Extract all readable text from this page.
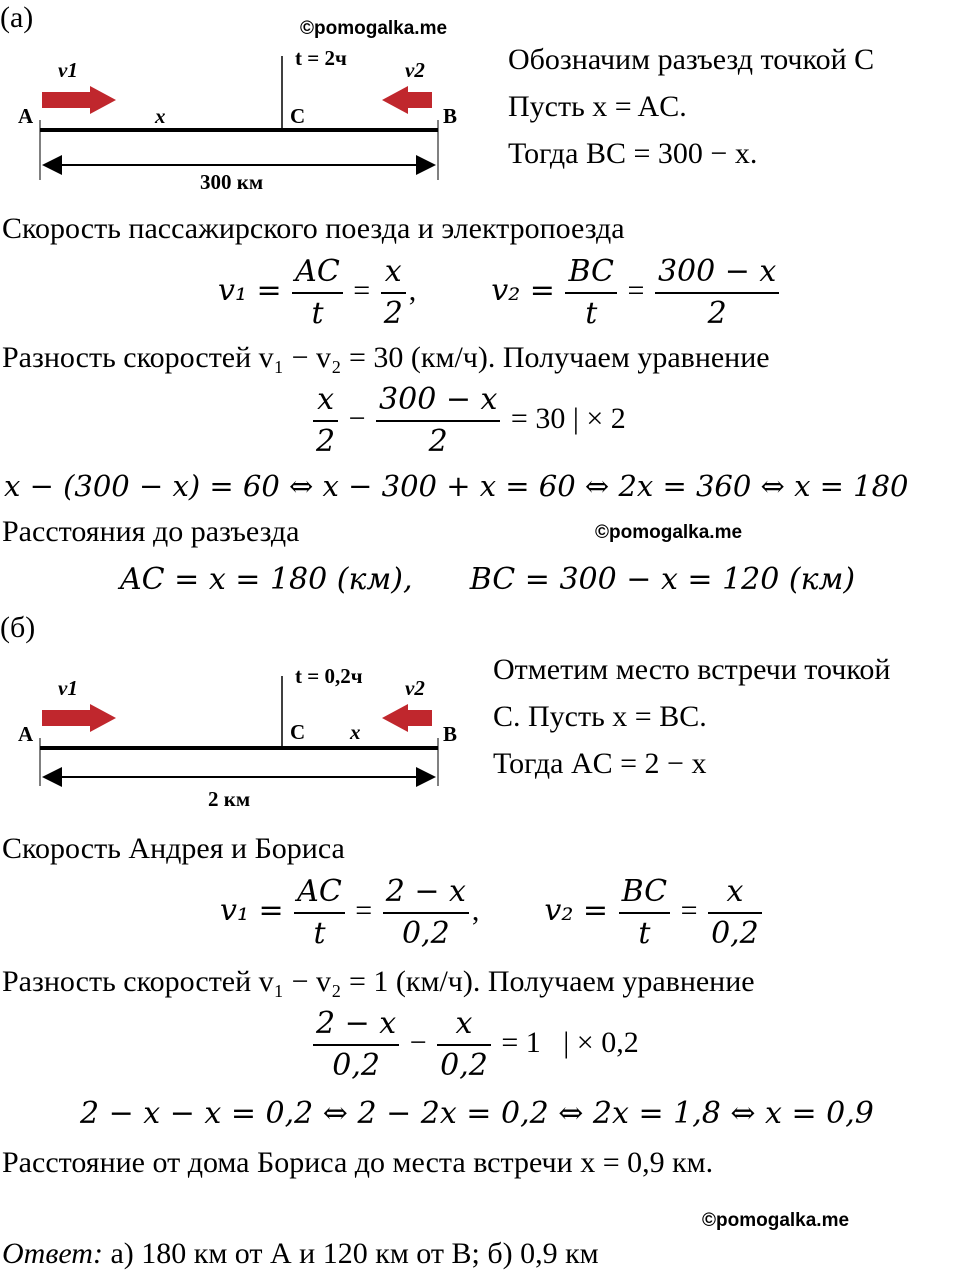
(а)	©pomogalka.me
v1	v2
t = 2ч
A	x	C	B
300 км
Обозначим разъезд точкой C
Пусть x = AC.
Тогда BC = 300 − x.
Скорость пассажирского поезда и электропоезда
$v_1 = \frac{AC}{t} = \frac{x}{2}$ ,	$v_2 = \frac{BC}{t} = \frac{300 - x}{2}$
Разность скоростей v₁ − v₂ = 30 (км/ч). Получаем уравнение
$\frac{x}{2} - \frac{300 - x}{2} = 30$ | × 2
x − (300 − x) = 60 ⇔ x − 300 + x = 60 ⇔ 2x = 360 ⇔ x = 180
Расстояния до разъезда	©pomogalka.me
AC = x = 180 (км),      BC = 300 − x = 120 (км)
(б)
v1	v2
t = 0,2ч
A	C x	B
2 км
Отметим место встречи точкой
C. Пусть x = BC.
Тогда AC = 2 − x
Скорость Андрея и Бориса
$v_1 = \frac{AC}{t} = \frac{2 - x}{0,2}$ , $v_2 = \frac{BC}{t} = \frac{x}{0,2}$
Разность скоростей v₁ − v₂ = 1 (км/ч). Получаем уравнение
$\frac{2 - x}{0,2} - \frac{x}{0,2} = 1$   | × 0,2
2 − x − x = 0,2 ⇔ 2 − 2x = 0,2 ⇔ 2x = 1,8 ⇔ x = 0,9
Расстояние от дома Бориса до места встречи x = 0,9 км.
©pomogalka.me
Ответ: а) 180 км от А и 120 км от В; б) 0,9 км
